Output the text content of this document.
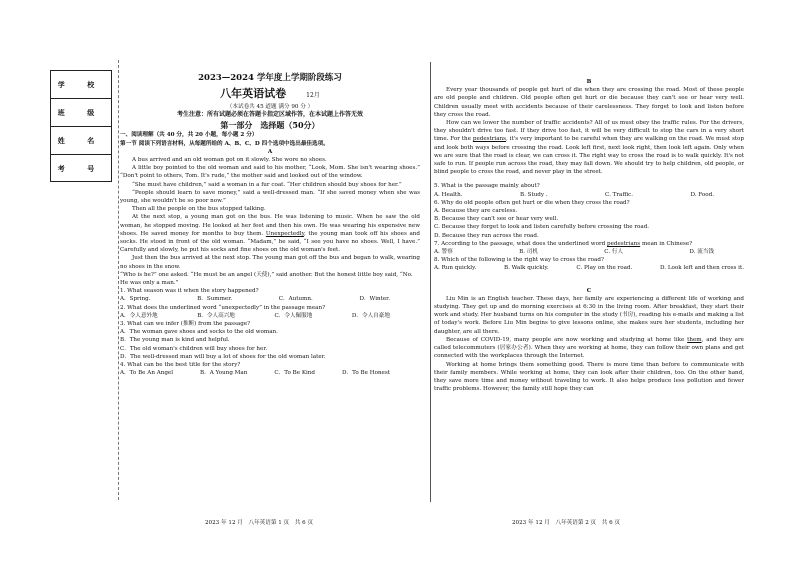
学 校
班 级
姓 名
考 号
2023—2024 学年度上学期阶段练习
八年英语试卷	12月
（本试卷共 45 道题 满分 90 分 ）
考生注意：所有试题必须在答题卡指定区域作答，在本试题上作答无效
第一部分　选择题（50分）

一、阅读理解（共 40 分，共 20 小题，每小题 2 分）

第一节 阅读下列语言材料，从每题所给的 A、B、C、D 四个选项中选出最佳选项。

A

A bus arrived and an old woman got on it slowly. She wore no shoes.

A little boy pointed to the old woman and said to his mother, “Look, Mom. She isn't wearing shoes.” “Don't point to others, Tom. It's rude,” the mother said and looked out of the window.

“She must have children,” said a woman in a fur coat. “Her children should buy shoes for her.”

“People should learn to save money,” said a well-dressed man. “If she saved money when she was young, she wouldn't be so poor now.”

Then all the people on the bus stopped talking.

At the next stop, a young man got on the bus. He was listening to music. When he saw the old woman, he stopped moving. He looked at her feet and then his own. He was wearing his expensive new shoes. He saved money for months to buy them. Unexpectedly, the young man took off his shoes and socks. He stood in front of the old woman. “Madam,” he said, “I see you have no shoes. Well, I have.” Carefully and slowly, he put his socks and fine shoes on the old woman's feet.

Just then the bus arrived at the next stop. The young man got off the bus and began to walk, wearing no shoes in the snow.

“Who is he?” one asked. “He must be an angel (天使),” said another. But the honest little boy said, “No. He was only a man.”

1. What season was it when the story happened?

A．Spring.	B．Summer.	C．Autumn.	D．Winter.

2. What does the underlined word “unexpectedly” in the passage mean?

A．令人意外地	B．令人高兴地	C．令人佩服地	D．令人自豪地

3. What can we infer (推断) from the passage?

A．The woman gave shoes and socks to the old woman.

B．The young man is kind and helpful.

C．The old woman's children will buy shoes for her.

D．The well-dressed man will buy a lot of shoes for the old woman later.

4. What can be the best title for the story?

A．To Be An Angel	B．A Young Man	C．To Be Kind	D．To Be Honest

B

Every year thousands of people get hurt of die when they are crossing the road. Most of these people are old people and children. Old people often get hurt or die because they can't see or hear very well. Children usually meet with accidents because of their carelessness. They forget to look and listen before they cross the road.

How can we lower the number of traffic accidents? All of us must obey the traffic rules. For the drivers, they shouldn't drive too fast. If they drive too fast, it will be very difficult to stop the cars in a very short time. For the pedestrians, it's very important to be careful when they are walking on the road. We must stop and look both ways before crossing the road. Look left first, next look right, then look left again. Only when we are sure that the road is clear, we can cross it. The right way to cross the road is to walk quickly. It's not safe to run. If people run across the road, they may fall down. We should try to help children, old people, or blind people to cross the road, and never play in the street.

5. What is the passage mainly about?

A. Health.	B. Study .	C. Traffic.	D. Food.

6. Why do old people often get hurt or die when they cross the road?

A. Because they are careless.

B. Because they can't see or hear very well.

C. Because they forget to look and listen carefully before crossing the road.

D. Because they run across the road.

7. According to the passage, what does the underlined word pedestrians mean in Chinese?

A. 警察	B. 司机	C. 行人	D. 流当钱

8. Which of the following is the right way to cross the road?

A. Run quickly.	B. Walk quickly.	C. Play on the road.	D. Look left and then cross it.

C

Liu Min is an English teacher. These days, her family are experiencing a different life of working and studying. They get up and do morning exercises at 6:30 in the living room. After breakfast, they start their work and study. Her husband turns on his computer in the study (书房), reading his e-mails and making a list of today's work. Before Liu Min begins to give lessons online, she makes sure her students, including her daughter, are all there.

Because of COVID-19, many people are now working and studying at home like them, and they are called telecommuters (居家办公者). When they are working at home, they can follow their own plans and get connected with the workplaces through the Internet.

Working at home brings them something good. There is more time than before to communicate with their family members. While working at home, they can look after their children, too. On the other hand, they save more time and money without traveling to work. It also helps produce less pollution and fewer traffic problems. However, the family still hope they can

2023 年 12 月　八年英语第 1 页　共 6 页	2023 年 12 月　八年英语第 2 页　共 6 页
